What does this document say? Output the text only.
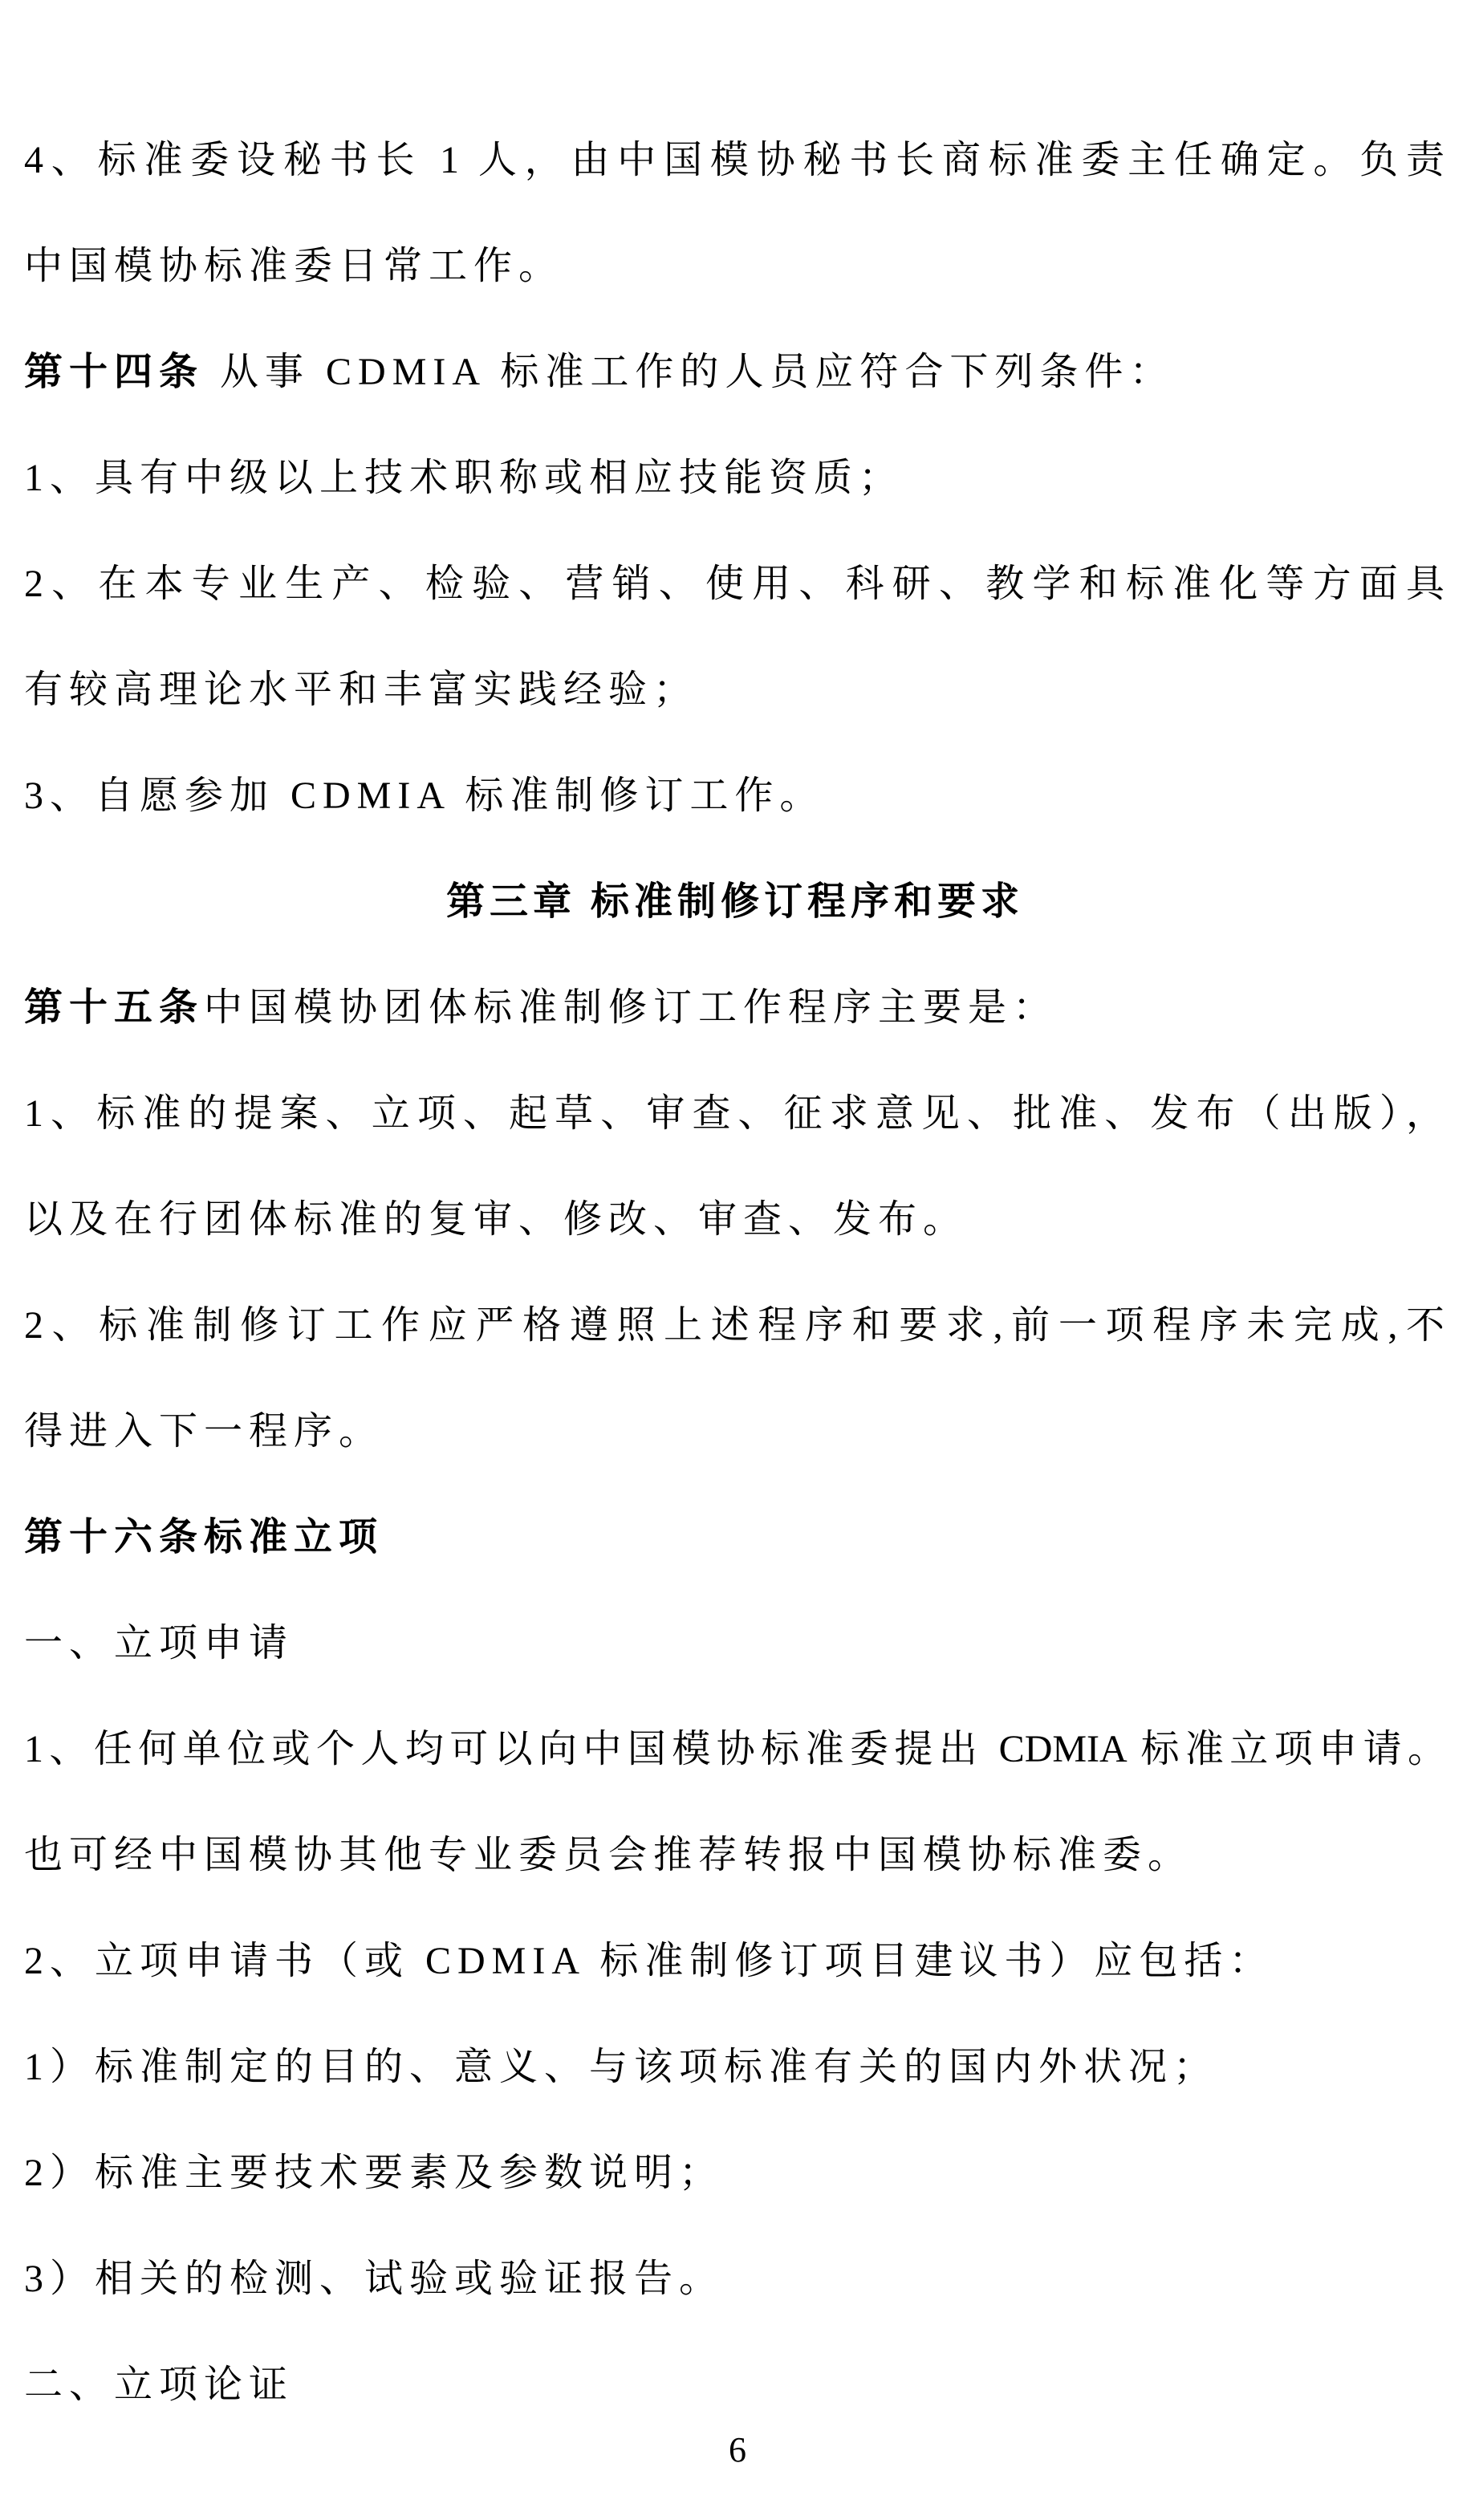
4、标准委设秘书长 1 人，由中国模协秘书长商标准委主任确定。负责
中国模协标准委日常工作。
第十四条 从事 CDMIA 标准工作的人员应符合下列条件：
1、具有中级以上技术职称或相应技能资质；
2、在本专业生产、检验、营销、使用、科研、教学和标准化等方面具
有较高理论水平和丰富实践经验；
3、自愿参加 CDMIA 标准制修订工作。
第三章 标准制修订程序和要求
第十五条中国模协团体标准制修订工作程序主要是：
1、标准的提案、立项、起草、审查、征求意见、批准、发布（出版），
以及在行团体标准的复审、修改、审查、发布。
2、标准制修订工作应严格遵照上述程序和要求,前一项程序未完成,不
得进入下一程序。
第十六条标准立项
一、立项申请
1、任何单位或个人均可以向中国模协标准委提出 CDMIA 标准立项申请。
也可经中国模协其他专业委员会推荐转报中国模协标准委。
2、立项申请书（或 CDMIA 标准制修订项目建议书）应包括：
1）标准制定的目的、意义、与该项标准有关的国内外状况；
2）标准主要技术要素及参数说明；
3）相关的检测、试验或验证报告。
二、立项论证
6
